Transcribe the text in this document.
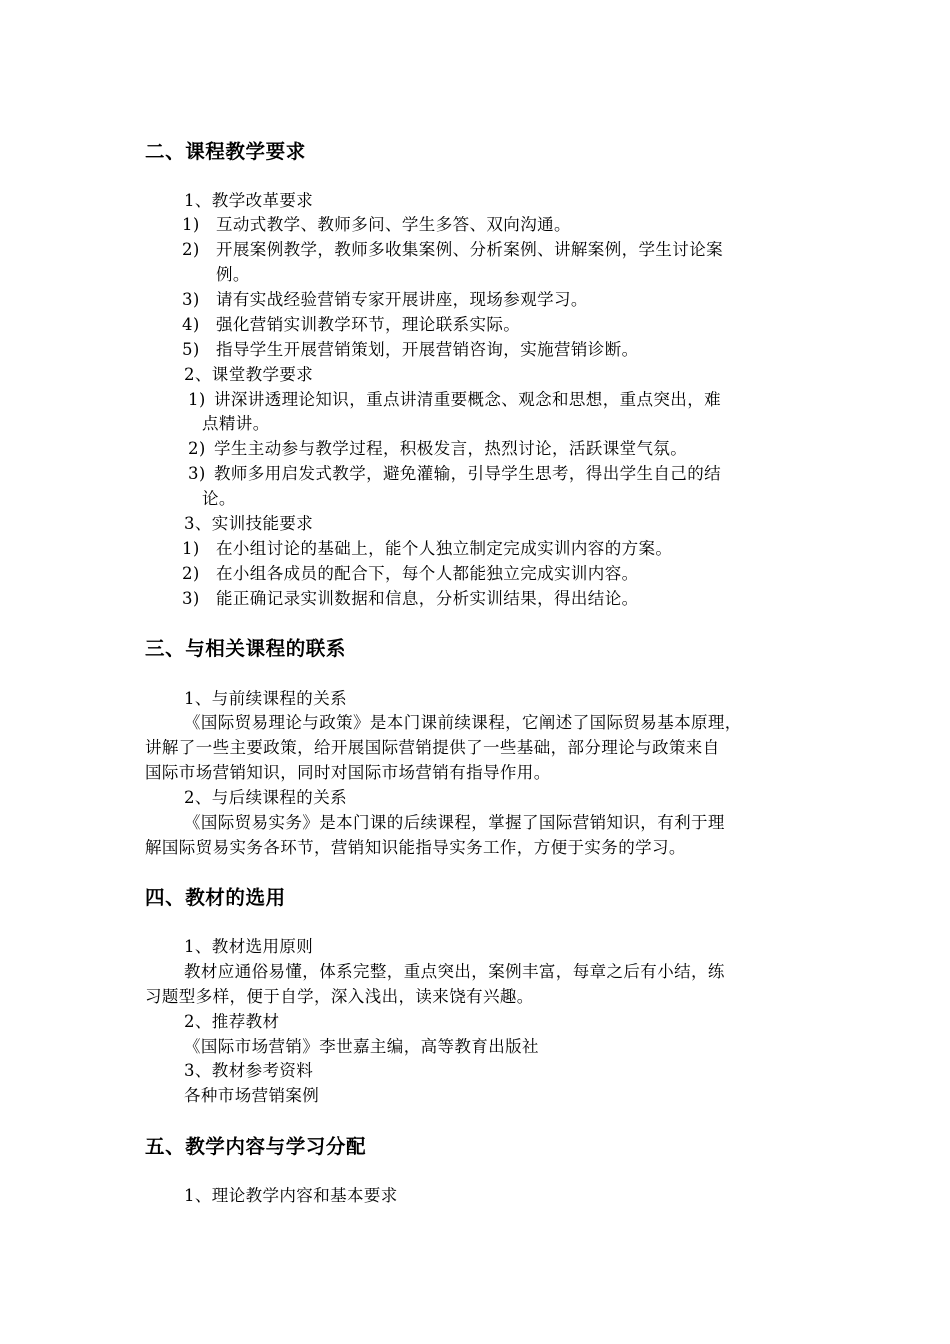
二、课程教学要求
1、教学改革要求
1) 互动式教学、教师多问、学生多答、双向沟通。
2) 开展案例教学，教师多收集案例、分析案例、讲解案例，学生讨论案
例。
3) 请有实战经验营销专家开展讲座，现场参观学习。
4) 强化营销实训教学环节，理论联系实际。
5) 指导学生开展营销策划，开展营销咨询，实施营销诊断。
2、课堂教学要求
1) 讲深讲透理论知识，重点讲清重要概念、观念和思想，重点突出，难
点精讲。
2) 学生主动参与教学过程，积极发言，热烈讨论，活跃课堂气氛。
3) 教师多用启发式教学，避免灌输，引导学生思考，得出学生自己的结
论。
3、实训技能要求
1) 在小组讨论的基础上，能个人独立制定完成实训内容的方案。
2) 在小组各成员的配合下，每个人都能独立完成实训内容。
3) 能正确记录实训数据和信息，分析实训结果，得出结论。
三、与相关课程的联系
1、与前续课程的关系
《国际贸易理论与政策》是本门课前续课程，它阐述了国际贸易基本原理，
讲解了一些主要政策，给开展国际营销提供了一些基础，部分理论与政策来自
国际市场营销知识，同时对国际市场营销有指导作用。
2、与后续课程的关系
《国际贸易实务》是本门课的后续课程，掌握了国际营销知识，有利于理
解国际贸易实务各环节，营销知识能指导实务工作，方便于实务的学习。
四、教材的选用
1、教材选用原则
教材应通俗易懂，体系完整，重点突出，案例丰富，每章之后有小结，练
习题型多样，便于自学，深入浅出，读来饶有兴趣。
2、推荐教材
《国际市场营销》李世嘉主编，高等教育出版社
3、教材参考资料
各种市场营销案例
五、教学内容与学习分配
1、理论教学内容和基本要求
